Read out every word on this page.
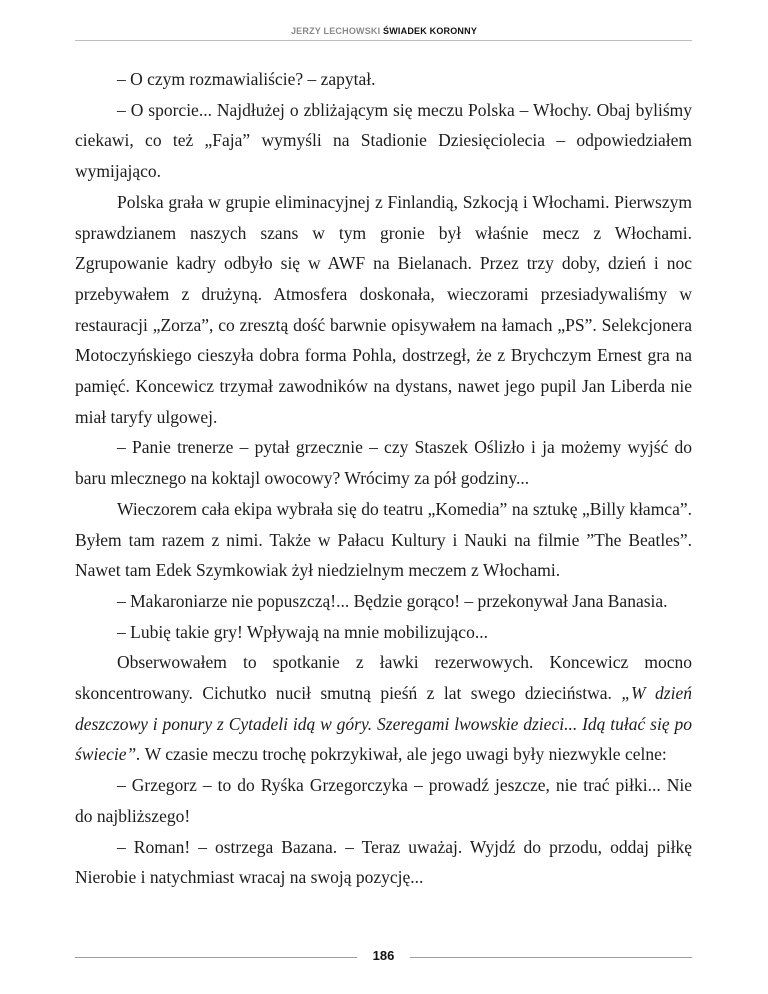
JERZY LECHOWSKI ŚWIADEK KORONNY

– O czym rozmawialiście? – zapytał.

– O sporcie... Najdłużej o zbliżającym się meczu Polska – Włochy. Obaj byliśmy ciekawi, co też „Faja” wymyśli na Stadionie Dziesięciolecia – odpowiedziałem wymijająco.

Polska grała w grupie eliminacyjnej z Finlandią, Szkocją i Włochami. Pierwszym sprawdzianem naszych szans w tym gronie był właśnie mecz z Włochami. Zgrupowanie kadry odbyło się w AWF na Bielanach. Przez trzy doby, dzień i noc przebywałem z drużyną. Atmosfera doskonała, wieczorami przesiadywaliśmy w restauracji „Zorza”, co zresztą dość barwnie opisywałem na łamach „PS”. Selekcjonera Motoczyńskiego cieszyła dobra forma Pohla, dostrzegł, że z Brychczym Ernest gra na pamięć. Koncewicz trzymał zawodników na dystans, nawet jego pupil Jan Liberda nie miał taryfy ulgowej.

– Panie trenerze – pytał grzecznie – czy Staszek Oślizło i ja możemy wyjść do baru mlecznego na koktajl owocowy? Wrócimy za pół godziny...

Wieczorem cała ekipa wybrała się do teatru „Komedia” na sztukę „Billy kłamca”. Byłem tam razem z nimi. Także w Pałacu Kultury i Nauki na filmie ”The Beatles”. Nawet tam Edek Szymkowiak żył niedzielnym meczem z Włochami.

– Makaroniarze nie popuszczą!... Będzie gorąco! – przekonywał Jana Banasia.

– Lubię takie gry! Wpływają na mnie mobilizująco...

Obserwowałem to spotkanie z ławki rezerwowych. Koncewicz mocno skoncentrowany. Cichutko nucił smutną pieśń z lat swego dzieciństwa. „W dzień deszczowy i ponury z Cytadeli idą w góry. Szeregami lwowskie dzieci... Idą tułać się po świecie”. W czasie meczu trochę pokrzykiwał, ale jego uwagi były niezwykle celne:

– Grzegorz – to do Ryśka Grzegorczyka – prowadź jeszcze, nie trać piłki... Nie do najbliższego!

– Roman! – ostrzega Bazana. – Teraz uważaj. Wyjdź do przodu, oddaj piłkę Nierobie i natychmiast wracaj na swoją pozycję...

186
